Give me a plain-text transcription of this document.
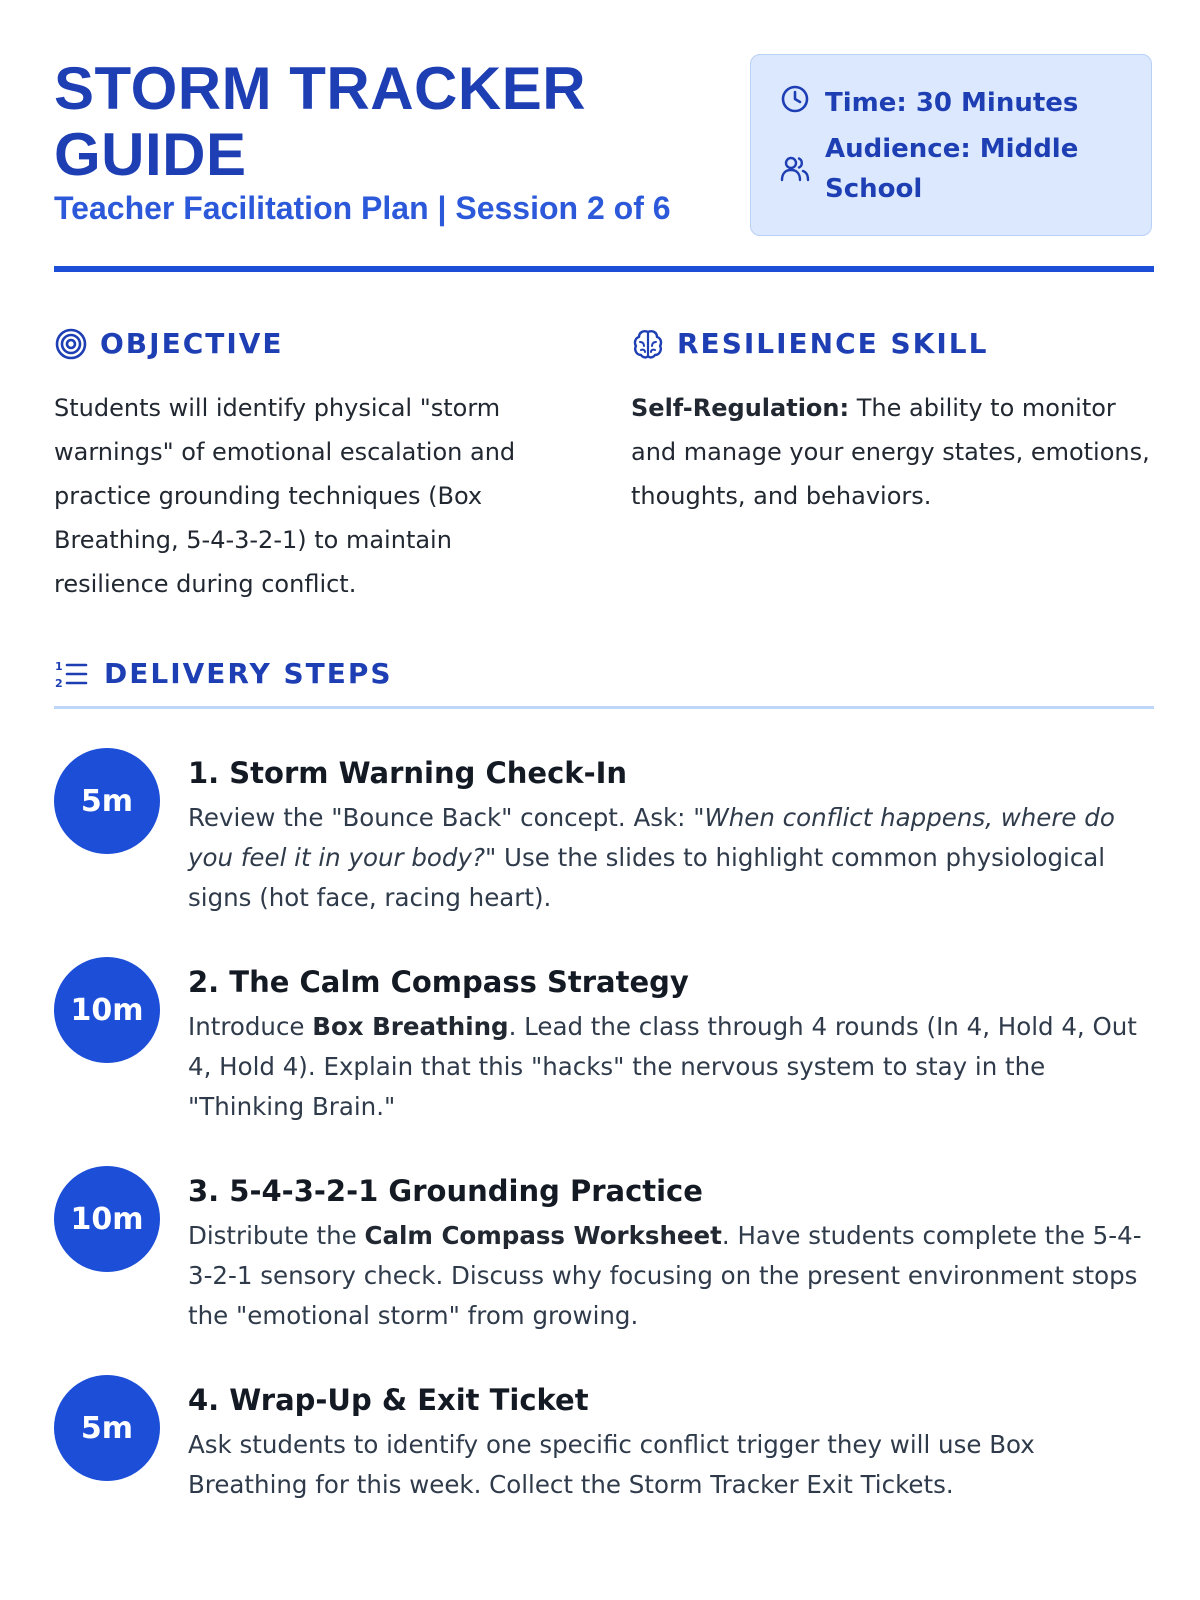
STORM TRACKER GUIDE

Teacher Facilitation Plan | Session 2 of 6

Time: 30 Minutes
Audience: Middle School
OBJECTIVE

Students will identify physical "storm warnings" of emotional escalation and practice grounding techniques (Box Breathing, 5-4-3-2-1) to maintain resilience during conflict.

RESILIENCE SKILL

Self-Regulation: The ability to monitor and manage your energy states, emotions, thoughts, and behaviors.

1
2 DELIVERY STEPS
5m
1. Storm Warning Check-In

Review the "Bounce Back" concept. Ask: "When conflict happens, where do you feel it in your body?" Use the slides to highlight common physiological signs (hot face, racing heart).

10m
2. The Calm Compass Strategy

Introduce Box Breathing. Lead the class through 4 rounds (In 4, Hold 4, Out 4, Hold 4). Explain that this "hacks" the nervous system to stay in the "Thinking Brain."

10m
3. 5-4-3-2-1 Grounding Practice

Distribute the Calm Compass Worksheet. Have students complete the 5-4-3-2-1 sensory check. Discuss why focusing on the present environment stops the "emotional storm" from growing.

5m
4. Wrap-Up & Exit Ticket

Ask students to identify one specific conflict trigger they will use Box Breathing for this week. Collect the Storm Tracker Exit Tickets.
